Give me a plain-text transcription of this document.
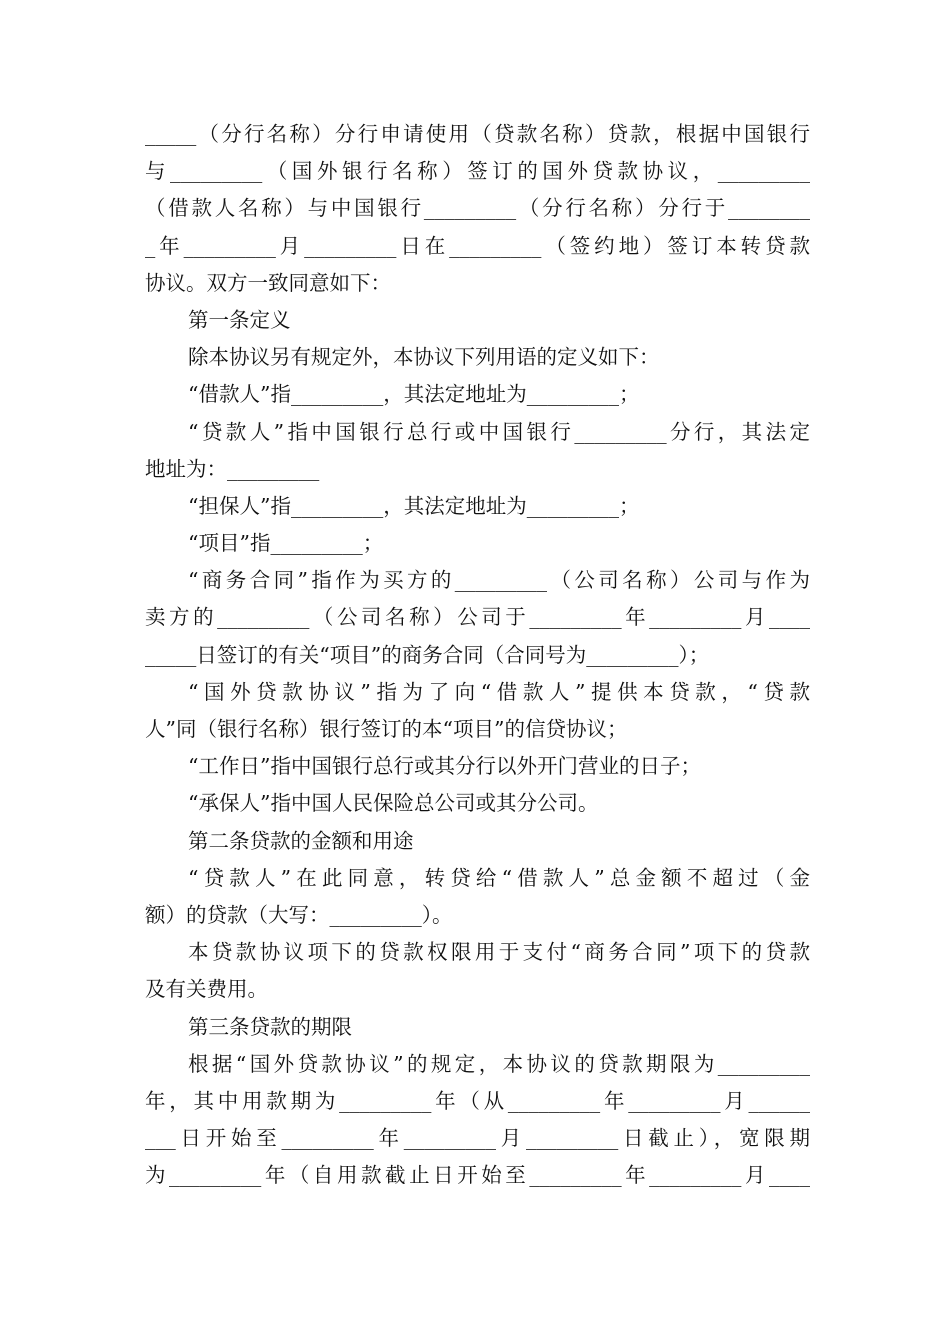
_____（分行名称）分行申请使用（贷款名称）贷款，根据中国银行
与_________（国外银行名称）签订的国外贷款协议，_________
（借款人名称）与中国银行_________（分行名称）分行于________
_年_________月_________日在_________（签约地）签订本转贷款
协议。双方一致同意如下：
第一条定义
除本协议另有规定外，本协议下列用语的定义如下：
“借款人”指_________，其法定地址为_________；
“贷款人”指中国银行总行或中国银行_________分行，其法定
地址为：_________
“担保人”指_________，其法定地址为_________；
“项目”指_________；
“商务合同”指作为买方的_________（公司名称）公司与作为
卖方的_________（公司名称）公司于_________年_________月____
_____日签订的有关“项目”的商务合同（合同号为_________）；
“国外贷款协议”指为了向“借款人”提供本贷款，“贷款
人”同（银行名称）银行签订的本“项目”的信贷协议；
“工作日”指中国银行总行或其分行以外开门营业的日子；
“承保人”指中国人民保险总公司或其分公司。
第二条贷款的金额和用途
“贷款人”在此同意，转贷给“借款人”总金额不超过（金
额）的贷款（大写：_________）。
本贷款协议项下的贷款权限用于支付“商务合同”项下的贷款
及有关费用。
第三条贷款的期限
根据“国外贷款协议”的规定，本协议的贷款期限为_________
年，其中用款期为_________年（从_________年_________月______
___日开始至_________年_________月_________日截止），宽限期
为_________年（自用款截止日开始至_________年_________月____
